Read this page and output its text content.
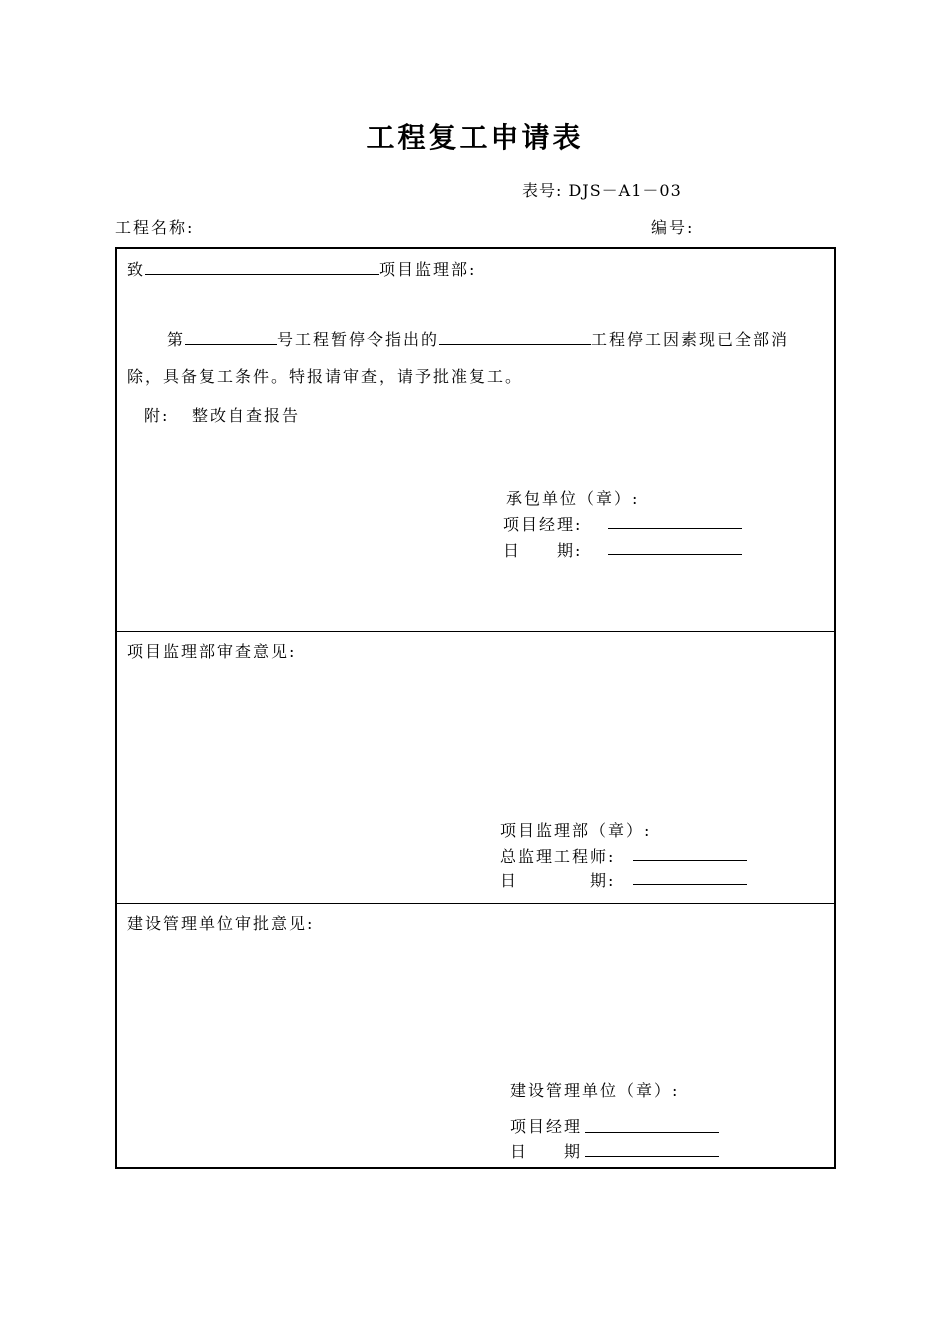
工程复工申请表
表号: DJS－A1－03
工程名称:	编号:
致	项目监理部:
第	号工程暂停令指出的	工程停工因素现已全部消
除，具备复工条件。特报请审查，请予批准复工。
附: 整改自查报告
承包单位（章）:
项目经理:
日　　期:
项目监理部审查意见:
项目监理部（章）:
总监理工程师:
日　　　　期:
建设管理单位审批意见:
建设管理单位（章）:
项目经理
日　　期
